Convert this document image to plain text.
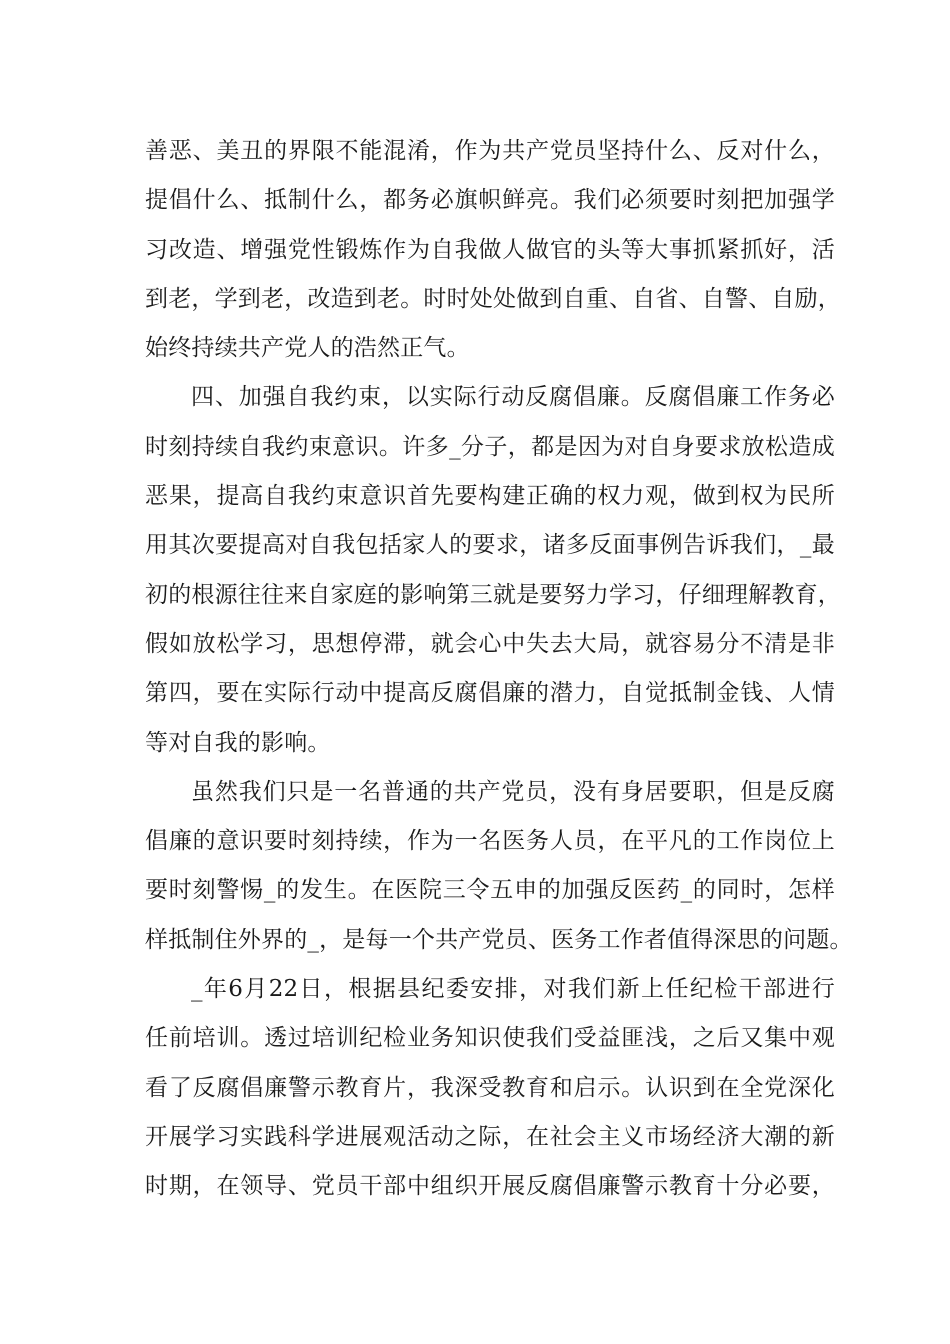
善恶、美丑的界限不能混淆，作为共产党员坚持什么、反对什么，
提倡什么、抵制什么，都务必旗帜鲜亮。我们必须要时刻把加强学
习改造、增强党性锻炼作为自我做人做官的头等大事抓紧抓好，活
到老，学到老，改造到老。时时处处做到自重、自省、自警、自励，
始终持续共产党人的浩然正气。
四、加强自我约束，以实际行动反腐倡廉。反腐倡廉工作务必
时刻持续自我约束意识。许多_分子，都是因为对自身要求放松造成
恶果，提高自我约束意识首先要构建正确的权力观，做到权为民所
用其次要提高对自我包括家人的要求，诸多反面事例告诉我们，_最
初的根源往往来自家庭的影响第三就是要努力学习，仔细理解教育，
假如放松学习，思想停滞，就会心中失去大局，就容易分不清是非
第四，要在实际行动中提高反腐倡廉的潜力，自觉抵制金钱、人情
等对自我的影响。
虽然我们只是一名普通的共产党员，没有身居要职，但是反腐
倡廉的意识要时刻持续，作为一名医务人员，在平凡的工作岗位上
要时刻警惕_的发生。在医院三令五申的加强反医药_的同时，怎样
样抵制住外界的_，是每一个共产党员、医务工作者值得深思的问题。
_年6月22日，根据县纪委安排，对我们新上任纪检干部进行
任前培训。透过培训纪检业务知识使我们受益匪浅，之后又集中观
看了反腐倡廉警示教育片，我深受教育和启示。认识到在全党深化
开展学习实践科学进展观活动之际，在社会主义市场经济大潮的新
时期，在领导、党员干部中组织开展反腐倡廉警示教育十分必要，
